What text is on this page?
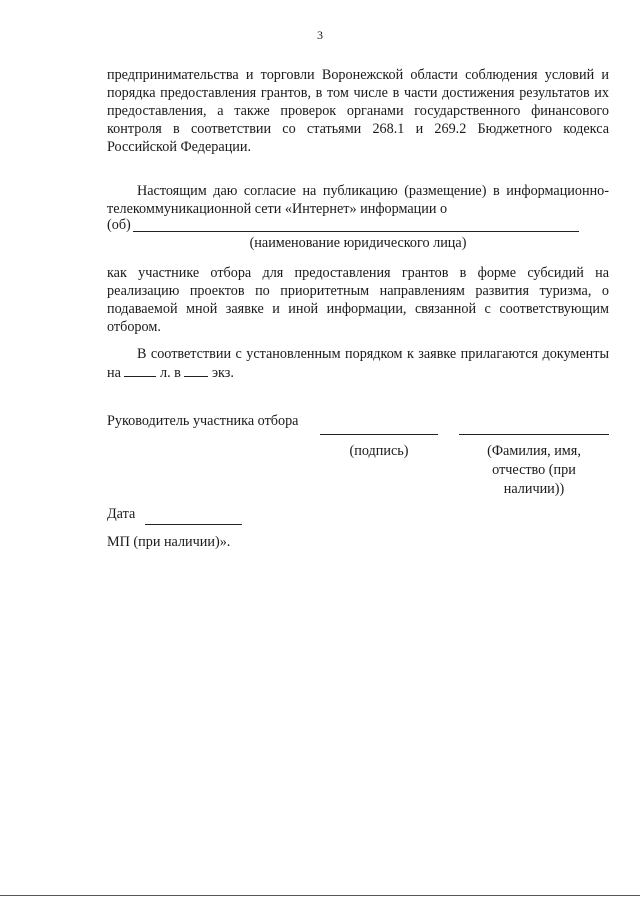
3
предпринимательства и торговли Воронежской области соблюдения условий и порядка предоставления грантов, в том числе в части достижения результатов их предоставления, а также проверок органами государственного финансового контроля в соответствии со статьями 268.1 и 269.2 Бюджетного кодекса Российской Федерации.
Настоящим даю согласие на публикацию (размещение) в информационно-телекоммуникационной сети «Интернет» информации о
(об)
(наименование юридического лица)
как участнике отбора для предоставления грантов в форме субсидий на реализацию проектов по приоритетным направлениям развития туризма, о подаваемой мной заявке и иной информации, связанной с соответствующим отбором.
В соответствии с установленным порядком к заявке прилагаются документы на	л. в экз.
Руководитель участника отбора
(подпись)	(Фамилия, имя,
отчество (при
наличии))
Дата
МП (при наличии)».
